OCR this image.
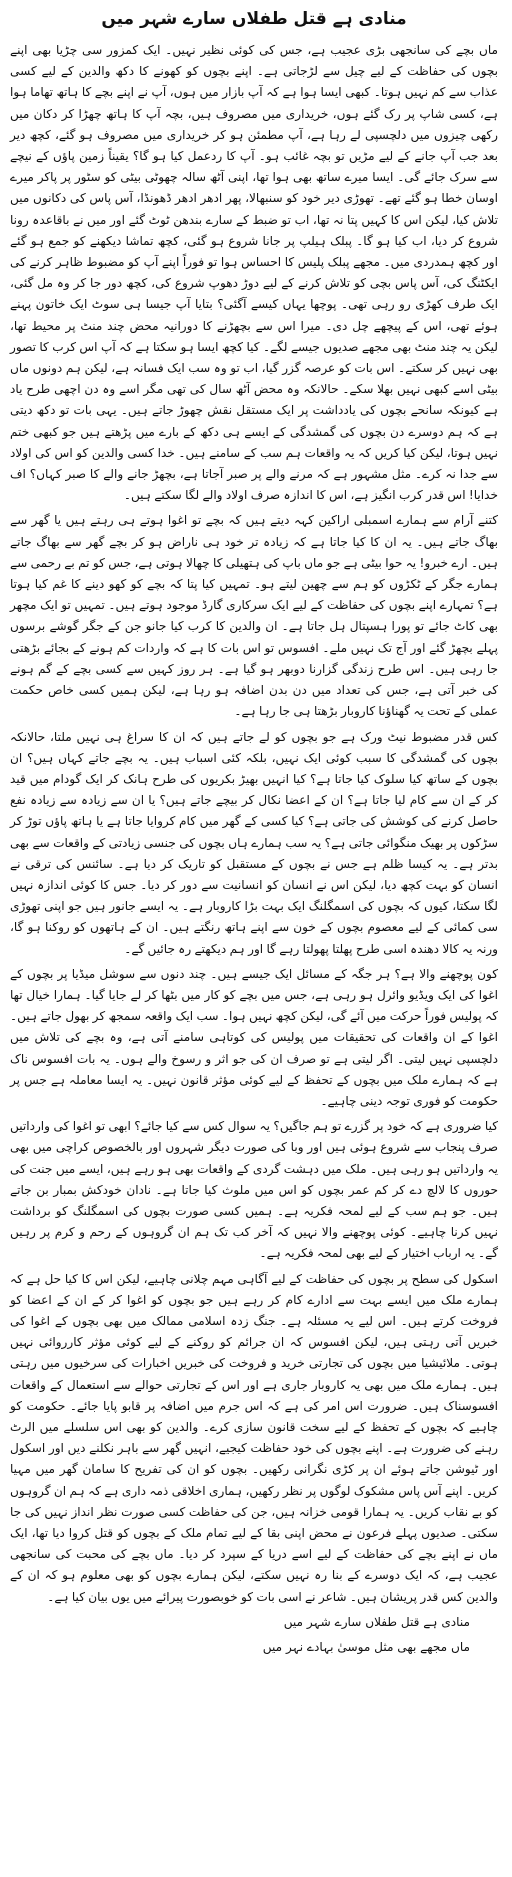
منادی ہے قتل طفلاں سارے شہر میں

ماں بچے کی سانجھی بڑی عجیب ہے، جس کی کوئی نظیر نہیں۔ ایک کمزور سی چڑیا بھی اپنے بچوں کی حفاظت کے لیے چیل سے لڑجاتی ہے۔ اپنے بچوں کو کھونے کا دکھ والدین کے لیے کسی عذاب سے کم نہیں ہوتا۔ کبھی ایسا ہوا ہے کہ آپ بازار میں ہوں، آپ نے اپنے بچے کا ہاتھ تھاما ہوا ہے، کسی شاپ پر رک گئے ہوں، خریداری میں مصروف ہیں، بچہ آپ کا ہاتھ چھڑا کر دکان میں رکھی چیزوں میں دلچسپی لے رہا ہے، آپ مطمئن ہو کر خریداری میں مصروف ہو گئے، کچھ دیر بعد جب آپ جانے کے لیے مڑیں تو بچہ غائب ہو۔ آپ کا ردعمل کیا ہو گا؟ یقیناً زمین پاؤں کے نیچے سے سرک جائے گی۔ ایسا میرے ساتھ بھی ہوا تھا، اپنی آٹھ سالہ چھوٹی بیٹی کو سٹور پر پاکر میرے اوسان خطا ہو گئے تھے۔ تھوڑی دیر خود کو سنبھالا، پھر ادھر ادھر ڈھونڈا، آس پاس کی دکانوں میں تلاش کیا، لیکن اس کا کہیں پتا نہ تھا، اب تو ضبط کے سارے بندھن ٹوٹ گئے اور میں نے باقاعدہ رونا شروع کر دیا، اب کیا ہو گا۔ پبلک ہیلپ پر جانا شروع ہو گئی، کچھ تماشا دیکھنے کو جمع ہو گئے اور کچھ ہمدردی میں۔ مجھے پبلک پلیس کا احساس ہوا تو فوراً اپنے آپ کو مضبوط ظاہر کرنے کی ایکٹنگ کی، آس پاس بچی کو تلاش کرنے کے لیے دوڑ دھوپ شروع کی، کچھ دور جا کر وہ مل گئی، ایک طرف کھڑی رو رہی تھی۔ پوچھا یہاں کیسے آگئی؟ بتایا آپ جیسا ہی سوٹ ایک خاتون پہنے ہوئے تھی، اس کے پیچھے چل دی۔ میرا اس سے بچھڑنے کا دورانیہ محض چند منٹ پر محیط تھا، لیکن یہ چند منٹ بھی مجھے صدیوں جیسے لگے۔ کیا کچھ ایسا ہو سکتا ہے کہ آپ اس کرب کا تصور بھی نہیں کر سکتے۔ اس بات کو عرصہ گزر گیا، اب تو وہ سب ایک فسانہ ہے، لیکن ہم دونوں ماں بیٹی اسے کبھی نہیں بھلا سکے۔ حالانکہ وہ محض آٹھ سال کی تھی مگر اسے وہ دن اچھی طرح یاد ہے کیونکہ سانحے بچوں کی یادداشت پر ایک مستقل نقش چھوڑ جاتے ہیں۔ یہی بات تو دکھ دیتی ہے کہ ہم دوسرے دن بچوں کی گمشدگی کے ایسے ہی دکھ کے بارے میں پڑھتے ہیں جو کبھی ختم نہیں ہوتا، لیکن کیا کریں کہ یہ واقعات ہم سب کے سامنے ہیں۔ خدا کسی والدین کو اس کی اولاد سے جدا نہ کرے۔ مثل مشہور ہے کہ مرنے والے پر صبر آجاتا ہے، بچھڑ جانے والے کا صبر کہاں؟ اف خدایا! اس قدر کرب انگیز ہے، اس کا اندازہ صرف اولاد والے لگا سکتے ہیں۔

کتنے آرام سے ہمارے اسمبلی اراکین کہہ دیتے ہیں کہ بچے تو اغوا ہوتے ہی رہتے ہیں یا گھر سے بھاگ جاتے ہیں۔ یہ ان کا کیا جاتا ہے کہ زیادہ تر خود ہی ناراض ہو کر بچے گھر سے بھاگ جاتے ہیں۔ ارے خبرو! یہ حوا بیٹی ہے جو ماں باپ کی ہتھیلی کا چھالا ہوتی ہے، جس کو تم بے رحمی سے ہمارے جگر کے ٹکڑوں کو ہم سے چھین لیتے ہو۔ تمہیں کیا پتا کہ بچے کو کھو دینے کا غم کیا ہوتا ہے؟ تمہارے اپنے بچوں کی حفاظت کے لیے ایک سرکاری گارڈ موجود ہوتے ہیں۔ تمہیں تو ایک مچھر بھی کاٹ جائے تو پورا ہسپتال ہل جاتا ہے۔ ان والدین کا کرب کیا جانو جن کے جگر گوشے برسوں پہلے بچھڑ گئے اور آج تک نہیں ملے۔ افسوس تو اس بات کا ہے کہ واردات کم ہونے کے بجائے بڑھتی جا رہی ہیں۔ اس طرح زندگی گزارنا دوبھر ہو گیا ہے۔ ہر روز کہیں سے کسی بچے کے گم ہونے کی خبر آتی ہے، جس کی تعداد میں دن بدن اضافہ ہو رہا ہے، لیکن ہمیں کسی خاص حکمت عملی کے تحت یہ گھناؤنا کاروبار بڑھتا ہی جا رہا ہے۔

کس قدر مضبوط نیٹ ورک ہے جو بچوں کو لے جاتے ہیں کہ ان کا سراغ ہی نہیں ملتا، حالانکہ بچوں کی گمشدگی کا سبب کوئی ایک نہیں، بلکہ کئی اسباب ہیں۔ یہ بچے جاتے کہاں ہیں؟ ان بچوں کے ساتھ کیا سلوک کیا جاتا ہے؟ کیا انہیں بھیڑ بکریوں کی طرح ہانک کر ایک گودام میں قید کر کے ان سے کام لیا جاتا ہے؟ ان کے اعضا نکال کر بیچے جاتے ہیں؟ یا ان سے زیادہ سے زیادہ نفع حاصل کرنے کی کوشش کی جاتی ہے؟ کیا کسی کے گھر میں کام کروایا جاتا ہے یا ہاتھ پاؤں توڑ کر سڑکوں پر بھیک منگوائی جاتی ہے؟ یہ سب ہمارے ہاں بچوں کی جنسی زیادتی کے واقعات سے بھی بدتر ہے۔ یہ کیسا ظلم ہے جس نے بچوں کے مستقبل کو تاریک کر دیا ہے۔ سائنس کی ترقی نے انسان کو بہت کچھ دیا، لیکن اس نے انسان کو انسانیت سے دور کر دیا۔ جس کا کوئی اندازہ نہیں لگا سکتا، کیوں کہ بچوں کی اسمگلنگ ایک بہت بڑا کاروبار ہے۔ یہ ایسے جانور ہیں جو اپنی تھوڑی سی کمائی کے لیے معصوم بچوں کے خون سے اپنے ہاتھ رنگتے ہیں۔ ان کے ہاتھوں کو روکنا ہو گا، ورنہ یہ کالا دھندہ اسی طرح پھلتا پھولتا رہے گا اور ہم دیکھتے رہ جائیں گے۔

کون پوچھنے والا ہے؟ ہر جگہ کے مسائل ایک جیسے ہیں۔ چند دنوں سے سوشل میڈیا پر بچوں کے اغوا کی ایک ویڈیو وائرل ہو رہی ہے، جس میں بچے کو کار میں بٹھا کر لے جایا گیا۔ ہمارا خیال تھا کہ پولیس فوراً حرکت میں آئے گی، لیکن کچھ نہیں ہوا۔ سب ایک واقعہ سمجھ کر بھول جاتے ہیں۔ اغوا کے ان واقعات کی تحقیقات میں پولیس کی کوتاہی سامنے آتی ہے، وہ بچے کی تلاش میں دلچسپی نہیں لیتی۔ اگر لیتی ہے تو صرف ان کی جو اثر و رسوخ والے ہوں۔ یہ بات افسوس ناک ہے کہ ہمارے ملک میں بچوں کے تحفظ کے لیے کوئی مؤثر قانون نہیں۔ یہ ایسا معاملہ ہے جس پر حکومت کو فوری توجہ دینی چاہیے۔

کیا ضروری ہے کہ خود پر گزرے تو ہم جاگیں؟ یہ سوال کس سے کیا جائے؟ ابھی تو اغوا کی وارداتیں صرف پنجاب سے شروع ہوئی ہیں اور وبا کی صورت دیگر شہروں اور بالخصوص کراچی میں بھی یہ وارداتیں ہو رہی ہیں۔ ملک میں دہشت گردی کے واقعات بھی ہو رہے ہیں، ایسے میں جنت کی حوروں کا لالچ دے کر کم عمر بچوں کو اس میں ملوث کیا جاتا ہے۔ نادان خودکش بمبار بن جاتے ہیں۔ جو ہم سب کے لیے لمحہ فکریہ ہے۔ ہمیں کسی صورت بچوں کی اسمگلنگ کو برداشت نہیں کرنا چاہیے۔ کوئی پوچھنے والا نہیں کہ آخر کب تک ہم ان گروہوں کے رحم و کرم پر رہیں گے۔ یہ ارباب اختیار کے لیے بھی لمحہ فکریہ ہے۔

اسکول کی سطح پر بچوں کی حفاظت کے لیے آگاہی مہم چلانی چاہیے، لیکن اس کا کیا حل ہے کہ ہمارے ملک میں ایسے بہت سے ادارے کام کر رہے ہیں جو بچوں کو اغوا کر کے ان کے اعضا کو فروخت کرتے ہیں۔ اس لیے یہ مسئلہ ہے۔ جنگ زدہ اسلامی ممالک میں بھی بچوں کے اغوا کی خبریں آتی رہتی ہیں، لیکن افسوس کہ ان جرائم کو روکنے کے لیے کوئی مؤثر کارروائی نہیں ہوتی۔ ملائیشیا میں بچوں کی تجارتی خرید و فروخت کی خبریں اخبارات کی سرخیوں میں رہتی ہیں۔ ہمارے ملک میں بھی یہ کاروبار جاری ہے اور اس کے تجارتی حوالے سے استعمال کے واقعات افسوسناک ہیں۔ ضرورت اس امر کی ہے کہ اس جرم میں اضافہ پر قابو پایا جائے۔ حکومت کو چاہیے کہ بچوں کے تحفظ کے لیے سخت قانون سازی کرے۔ والدین کو بھی اس سلسلے میں الرٹ رہنے کی ضرورت ہے۔ اپنے بچوں کی خود حفاظت کیجیے، انہیں گھر سے باہر نکلنے دیں اور اسکول اور ٹیوشن جاتے ہوئے ان پر کڑی نگرانی رکھیں۔ بچوں کو ان کی تفریح کا سامان گھر میں مہیا کریں۔ اپنے آس پاس مشکوک لوگوں پر نظر رکھیں، ہماری اخلاقی ذمہ داری ہے کہ ہم ان گروہوں کو بے نقاب کریں۔ یہ ہمارا قومی خزانہ ہیں، جن کی حفاظت کسی صورت نظر انداز نہیں کی جا سکتی۔ صدیوں پہلے فرعون نے محض اپنی بقا کے لیے تمام ملک کے بچوں کو قتل کروا دیا تھا، ایک ماں نے اپنے بچے کی حفاظت کے لیے اسے دریا کے سپرد کر دیا۔ ماں بچے کی محبت کی سانجھی عجیب ہے، کہ ایک دوسرے کے بنا رہ نہیں سکتے، لیکن ہمارے بچوں کو بھی معلوم ہو کہ ان کے والدین کس قدر پریشان ہیں۔ شاعر نے اسی بات کو خوبصورت پیرائے میں یوں بیان کیا ہے۔

منادی ہے قتل طفلاں سارے شہر میں
ماں مجھے بھی مثل موسیٰ بہادے نہر میں
